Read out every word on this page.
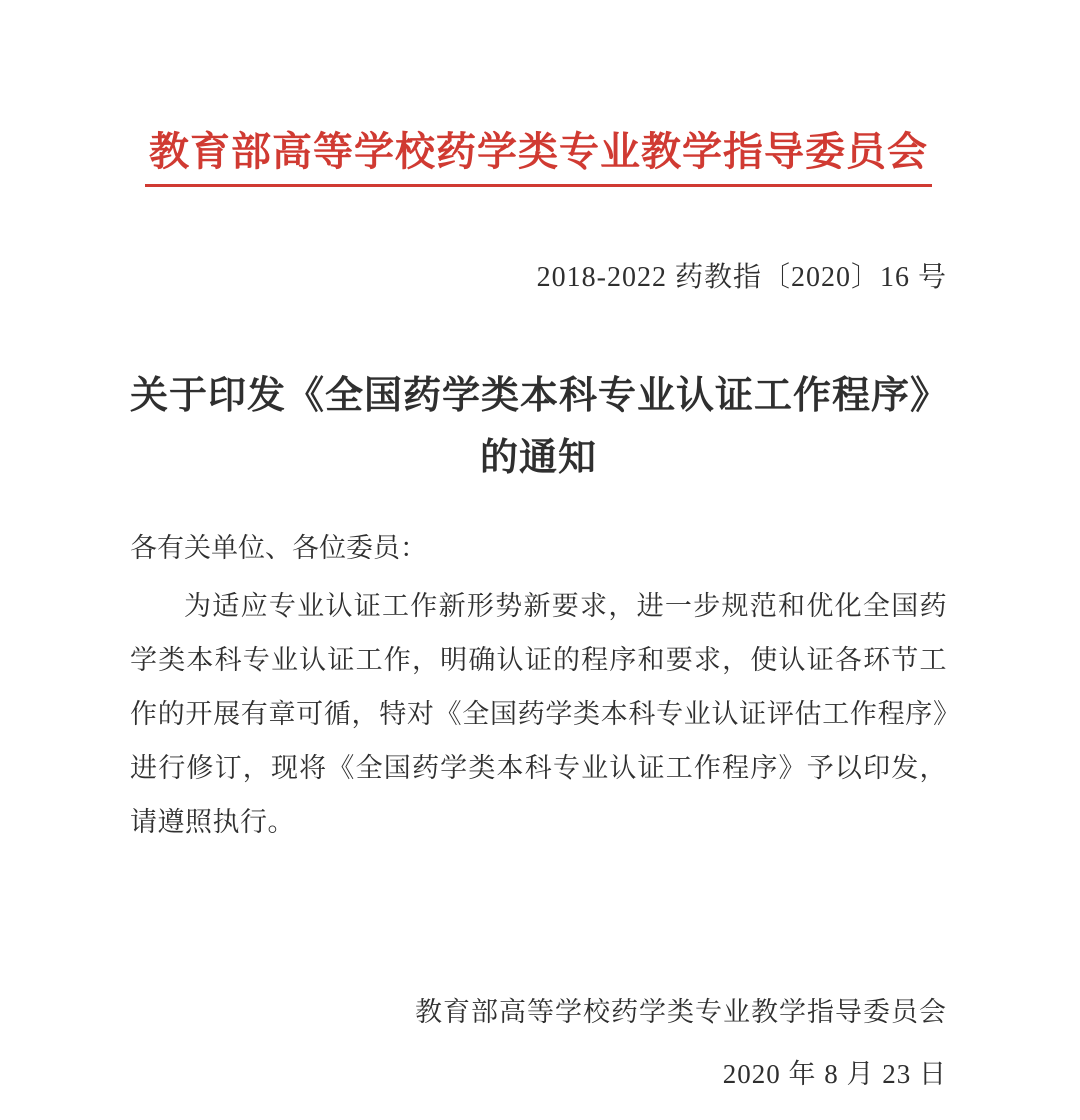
教育部高等学校药学类专业教学指导委员会
2018-2022 药教指〔2020〕16 号
关于印发《全国药学类本科专业认证工作程序》
的通知
各有关单位、各位委员：

为适应专业认证工作新形势新要求，进一步规范和优化全国药学类本科专业认证工作，明确认证的程序和要求，使认证各环节工作的开展有章可循，特对《全国药学类本科专业认证评估工作程序》进行修订，现将《全国药学类本科专业认证工作程序》予以印发，请遵照执行。

教育部高等学校药学类专业教学指导委员会
2020 年 8 月 23 日
